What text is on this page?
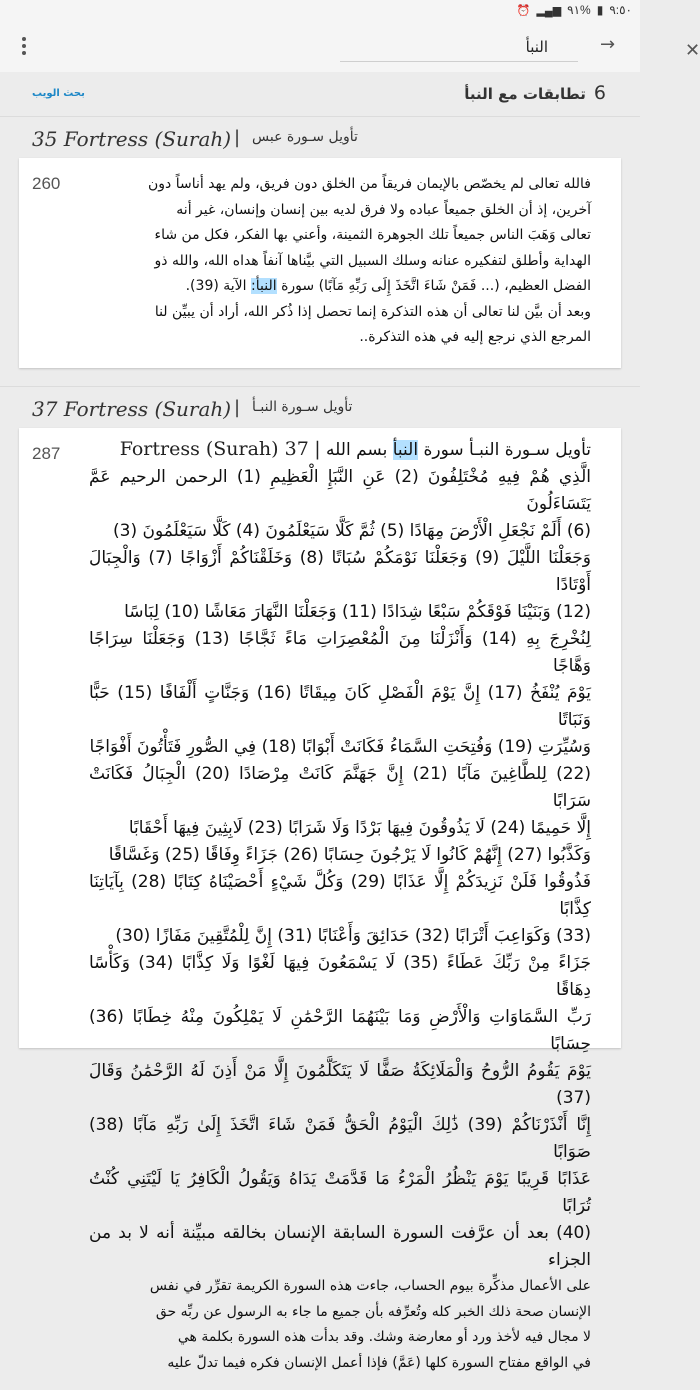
⏰ ▂▄▆ ٩١% ▮ ٩:٥٠
✕
النبأ	→
بحث الويب	6
تطابقات مع النبأ
35 Fortress (Surah) | تأويل سـورة عبس
260	فالله تعالى لم يخصّص بالإيمان فريقاً من الخلق دون فريق، ولم يهد أناساً دون
آخرين، إذ أن الخلق جميعاً عباده ولا فرق لديه بين إنسان وإنسان، غير أنه
تعالى وَهَبَ الناس جميعاً تلك الجوهرة الثمينة، وأعني بها الفكر، فكل من شاء
الهداية وأطلق لتفكيره عنانه وسلك السبيل التي بيَّناها آنفاً هداه الله، والله ذو
الفضل العظيم، (... فَمَنْ شَاءَ اتَّخَذَ إِلَى رَبِّهِ مَآبًا) سورة النبأ: الآية (39).
وبعد أن بيَّن لنا تعالى أن هذه التذكرة إنما تحصل إذا ذُكر الله، أراد أن يبيِّن لنا
المرجع الذي نرجع إليه في هذه التذكرة..
37 Fortress (Surah) | تأويل سـورة النبـأ
287	تأويل سـورة النبـأ سورة النبأ بسم الله | 37 Fortress (Surah)
الَّذِي هُمْ فِيهِ مُخْتَلِفُونَ (2) عَنِ النَّبَإِ الْعَظِيمِ (1) الرحمن الرحيم عَمَّ يَتَسَاءَلُونَ
(6) أَلَمْ نَجْعَلِ الْأَرْضَ مِهَادًا (5) ثُمَّ كَلَّا سَيَعْلَمُونَ (4) كَلَّا سَيَعْلَمُونَ (3)
وَجَعَلْنَا اللَّيْلَ (9) وَجَعَلْنَا نَوْمَكُمْ سُبَاتًا (8) وَخَلَقْنَاكُمْ أَزْوَاجًا (7) وَالْجِبَالَ أَوْتَادًا
(12) وَبَنَيْنَا فَوْقَكُمْ سَبْعًا شِدَادًا (11) وَجَعَلْنَا النَّهَارَ مَعَاشًا (10) لِبَاسًا
لِنُخْرِجَ بِهِ (14) وَأَنْزَلْنَا مِنَ الْمُعْصِرَاتِ مَاءً ثَجَّاجًا (13) وَجَعَلْنَا سِرَاجًا وَهَّاجًا
يَوْمَ يُنْفَخُ (17) إِنَّ يَوْمَ الْفَصْلِ كَانَ مِيقَاتًا (16) وَجَنَّاتٍ أَلْفَافًا (15) حَبًّا وَنَبَاتًا
وَسُيِّرَتِ (19) وَفُتِحَتِ السَّمَاءُ فَكَانَتْ أَبْوَابًا (18) فِي الصُّورِ فَتَأْتُونَ أَفْوَاجًا
(22) لِلطَّاغِينَ مَآبًا (21) إِنَّ جَهَنَّمَ كَانَتْ مِرْصَادًا (20) الْجِبَالُ فَكَانَتْ سَرَابًا
إِلَّا حَمِيمًا (24) لَا يَذُوقُونَ فِيهَا بَرْدًا وَلَا شَرَابًا (23) لَابِثِينَ فِيهَا أَحْقَابًا
وَكَذَّبُوا (27) إِنَّهُمْ كَانُوا لَا يَرْجُونَ حِسَابًا (26) جَزَاءً وِفَاقًا (25) وَغَسَّاقًا
فَذُوقُوا فَلَنْ نَزِيدَكُمْ إِلَّا عَذَابًا (29) وَكُلَّ شَيْءٍ أَحْصَيْنَاهُ كِتَابًا (28) بِآيَاتِنَا كِذَّابًا
(33) وَكَوَاعِبَ أَتْرَابًا (32) حَدَائِقَ وَأَعْنَابًا (31) إِنَّ لِلْمُتَّقِينَ مَفَازًا (30)
جَزَاءً مِنْ رَبِّكَ عَطَاءً (35) لَا يَسْمَعُونَ فِيهَا لَغْوًا وَلَا كِذَّابًا (34) وَكَأْسًا دِهَاقًا
رَبِّ السَّمَاوَاتِ وَالْأَرْضِ وَمَا بَيْنَهُمَا الرَّحْمَٰنِ لَا يَمْلِكُونَ مِنْهُ خِطَابًا (36) حِسَابًا
يَوْمَ يَقُومُ الرُّوحُ وَالْمَلَائِكَةُ صَفًّا لَا يَتَكَلَّمُونَ إِلَّا مَنْ أَذِنَ لَهُ الرَّحْمَٰنُ وَقَالَ (37)
إِنَّا أَنْذَرْنَاكُمْ (39) ذَٰلِكَ الْيَوْمُ الْحَقُّ فَمَنْ شَاءَ اتَّخَذَ إِلَىٰ رَبِّهِ مَآبًا (38) صَوَابًا
عَذَابًا قَرِيبًا يَوْمَ يَنْظُرُ الْمَرْءُ مَا قَدَّمَتْ يَدَاهُ وَيَقُولُ الْكَافِرُ يَا لَيْتَنِي كُنْتُ تُرَابًا
(40) بعد أن عرَّفت السورة السابقة الإنسان بخالقه مبيِّنة أنه لا بد من الجزاء
على الأعمال مذكِّرة بيوم الحساب، جاءت هذه السورة الكريمة تقرِّر في نفس
الإنسان صحة ذلك الخبر كله وتُعرِّفه بأن جميع ما جاء به الرسول عن ربِّه حق
لا مجال فيه لأخذ ورد أو معارضة وشك. وقد بدأت هذه السورة بكلمة هي
في الواقع مفتاح السورة كلها (عَمَّ) فإذا أعمل الإنسان فكره فيما تدلّ عليه
